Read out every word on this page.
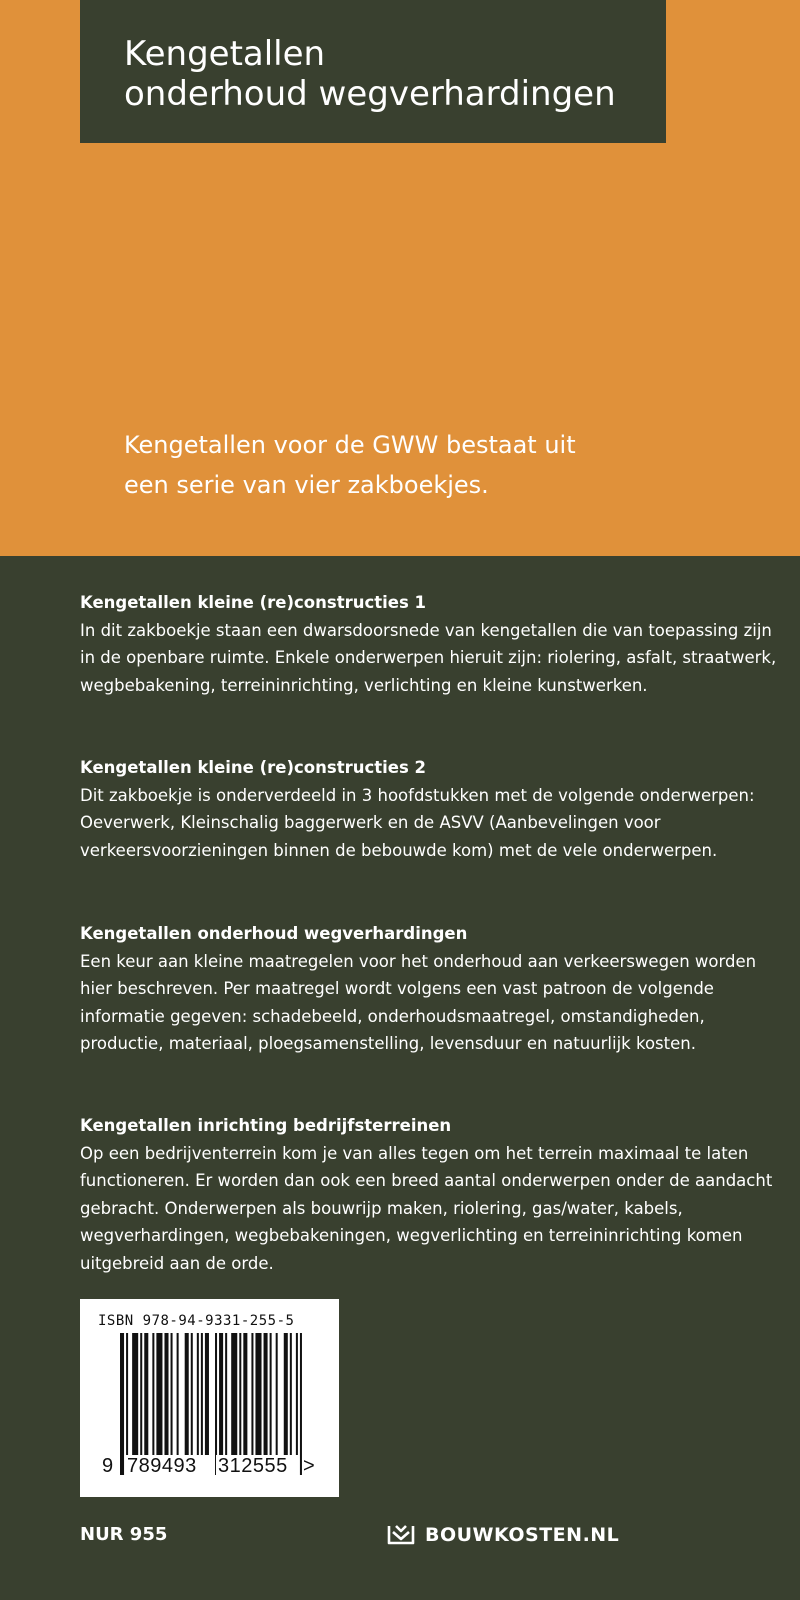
Kengetallen
onderhoud wegverhardingen
Kengetallen voor de GWW bestaat uit
een serie van vier zakboekjes.
Kengetallen kleine (re)constructies 1
In dit zakboekje staan een dwarsdoorsnede van kengetallen die van toepassing zijn in de openbare ruimte. Enkele onderwerpen hieruit zijn: riolering, asfalt, straatwerk, wegbebakening, terreininrichting, verlichting en kleine kunstwerken.
Kengetallen kleine (re)constructies 2
Dit zakboekje is onderverdeeld in 3 hoofdstukken met de volgende onderwerpen: Oeverwerk, Kleinschalig baggerwerk en de ASVV (Aanbevelingen voor verkeersvoorzieningen binnen de bebouwde kom) met de vele onderwerpen.
Kengetallen onderhoud wegverhardingen
Een keur aan kleine maatregelen voor het onderhoud aan verkeerswegen worden hier beschreven. Per maatregel wordt volgens een vast patroon de volgende informatie gegeven: schadebeeld, onderhoudsmaatregel, omstandigheden, productie, materiaal, ploegsamenstelling, levensduur en natuurlijk kosten.
Kengetallen inrichting bedrijfsterreinen
Op een bedrijventerrein kom je van alles tegen om het terrein maximaal te laten functioneren. Er worden dan ook een breed aantal onderwerpen onder de aandacht gebracht. Onderwerpen als bouwrijp maken, riolering, gas/water, kabels, wegverhardingen, wegbebakeningen, wegverlichting en terreininrichting komen uitgebreid aan de orde.
ISBN 978-94-9331-255-5
9 789493 312555 >
NUR 955	BOUWKOSTEN.NL
